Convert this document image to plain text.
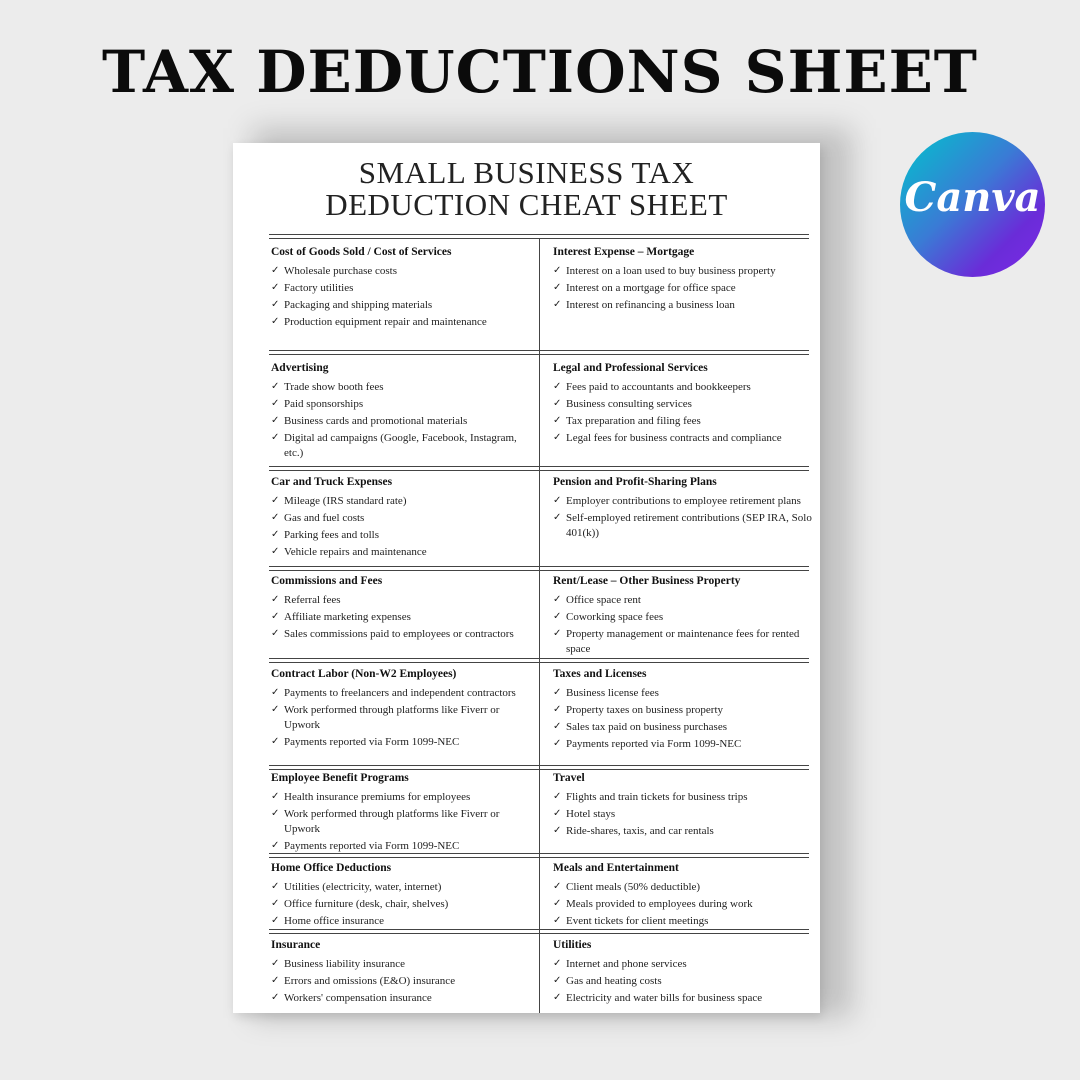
TAX DEDUCTIONS SHEET
SMALL BUSINESS TAX
DEDUCTION CHEAT SHEET
Cost of Goods Sold / Cost of Services
✓ Wholesale purchase costs
✓ Factory utilities
✓ Packaging and shipping materials
✓ Production equipment repair and maintenance
Interest Expense – Mortgage
✓ Interest on a loan used to buy business property
✓ Interest on a mortgage for office space
✓ Interest on refinancing a business loan
Advertising
✓ Trade show booth fees
✓ Paid sponsorships
✓ Business cards and promotional materials
✓ Digital ad campaigns (Google, Facebook, Instagram, etc.)
Legal and Professional Services
✓ Fees paid to accountants and bookkeepers
✓ Business consulting services
✓ Tax preparation and filing fees
✓ Legal fees for business contracts and compliance
Car and Truck Expenses
✓ Mileage (IRS standard rate)
✓ Gas and fuel costs
✓ Parking fees and tolls
✓ Vehicle repairs and maintenance
Pension and Profit-Sharing Plans
✓ Employer contributions to employee retirement plans
✓ Self-employed retirement contributions (SEP IRA, Solo 401(k))
Commissions and Fees
✓ Referral fees
✓ Affiliate marketing expenses
✓ Sales commissions paid to employees or contractors
Rent/Lease – Other Business Property
✓ Office space rent
✓ Coworking space fees
✓ Property management or maintenance fees for rented space
Contract Labor (Non-W2 Employees)
✓ Payments to freelancers and independent contractors
✓ Work performed through platforms like Fiverr or Upwork
✓ Payments reported via Form 1099-NEC
Taxes and Licenses
✓ Business license fees
✓ Property taxes on business property
✓ Sales tax paid on business purchases
✓ Payments reported via Form 1099-NEC
Employee Benefit Programs
✓ Health insurance premiums for employees
✓ Work performed through platforms like Fiverr or Upwork
✓ Payments reported via Form 1099-NEC
Travel
✓ Flights and train tickets for business trips
✓ Hotel stays
✓ Ride-shares, taxis, and car rentals
Home Office Deductions
✓ Utilities (electricity, water, internet)
✓ Office furniture (desk, chair, shelves)
✓ Home office insurance
Meals and Entertainment
✓ Client meals (50% deductible)
✓ Meals provided to employees during work
✓ Event tickets for client meetings
Insurance
✓ Business liability insurance
✓ Errors and omissions (E&O) insurance
✓ Workers' compensation insurance
Utilities
✓ Internet and phone services
✓ Gas and heating costs
✓ Electricity and water bills for business space
Canva
